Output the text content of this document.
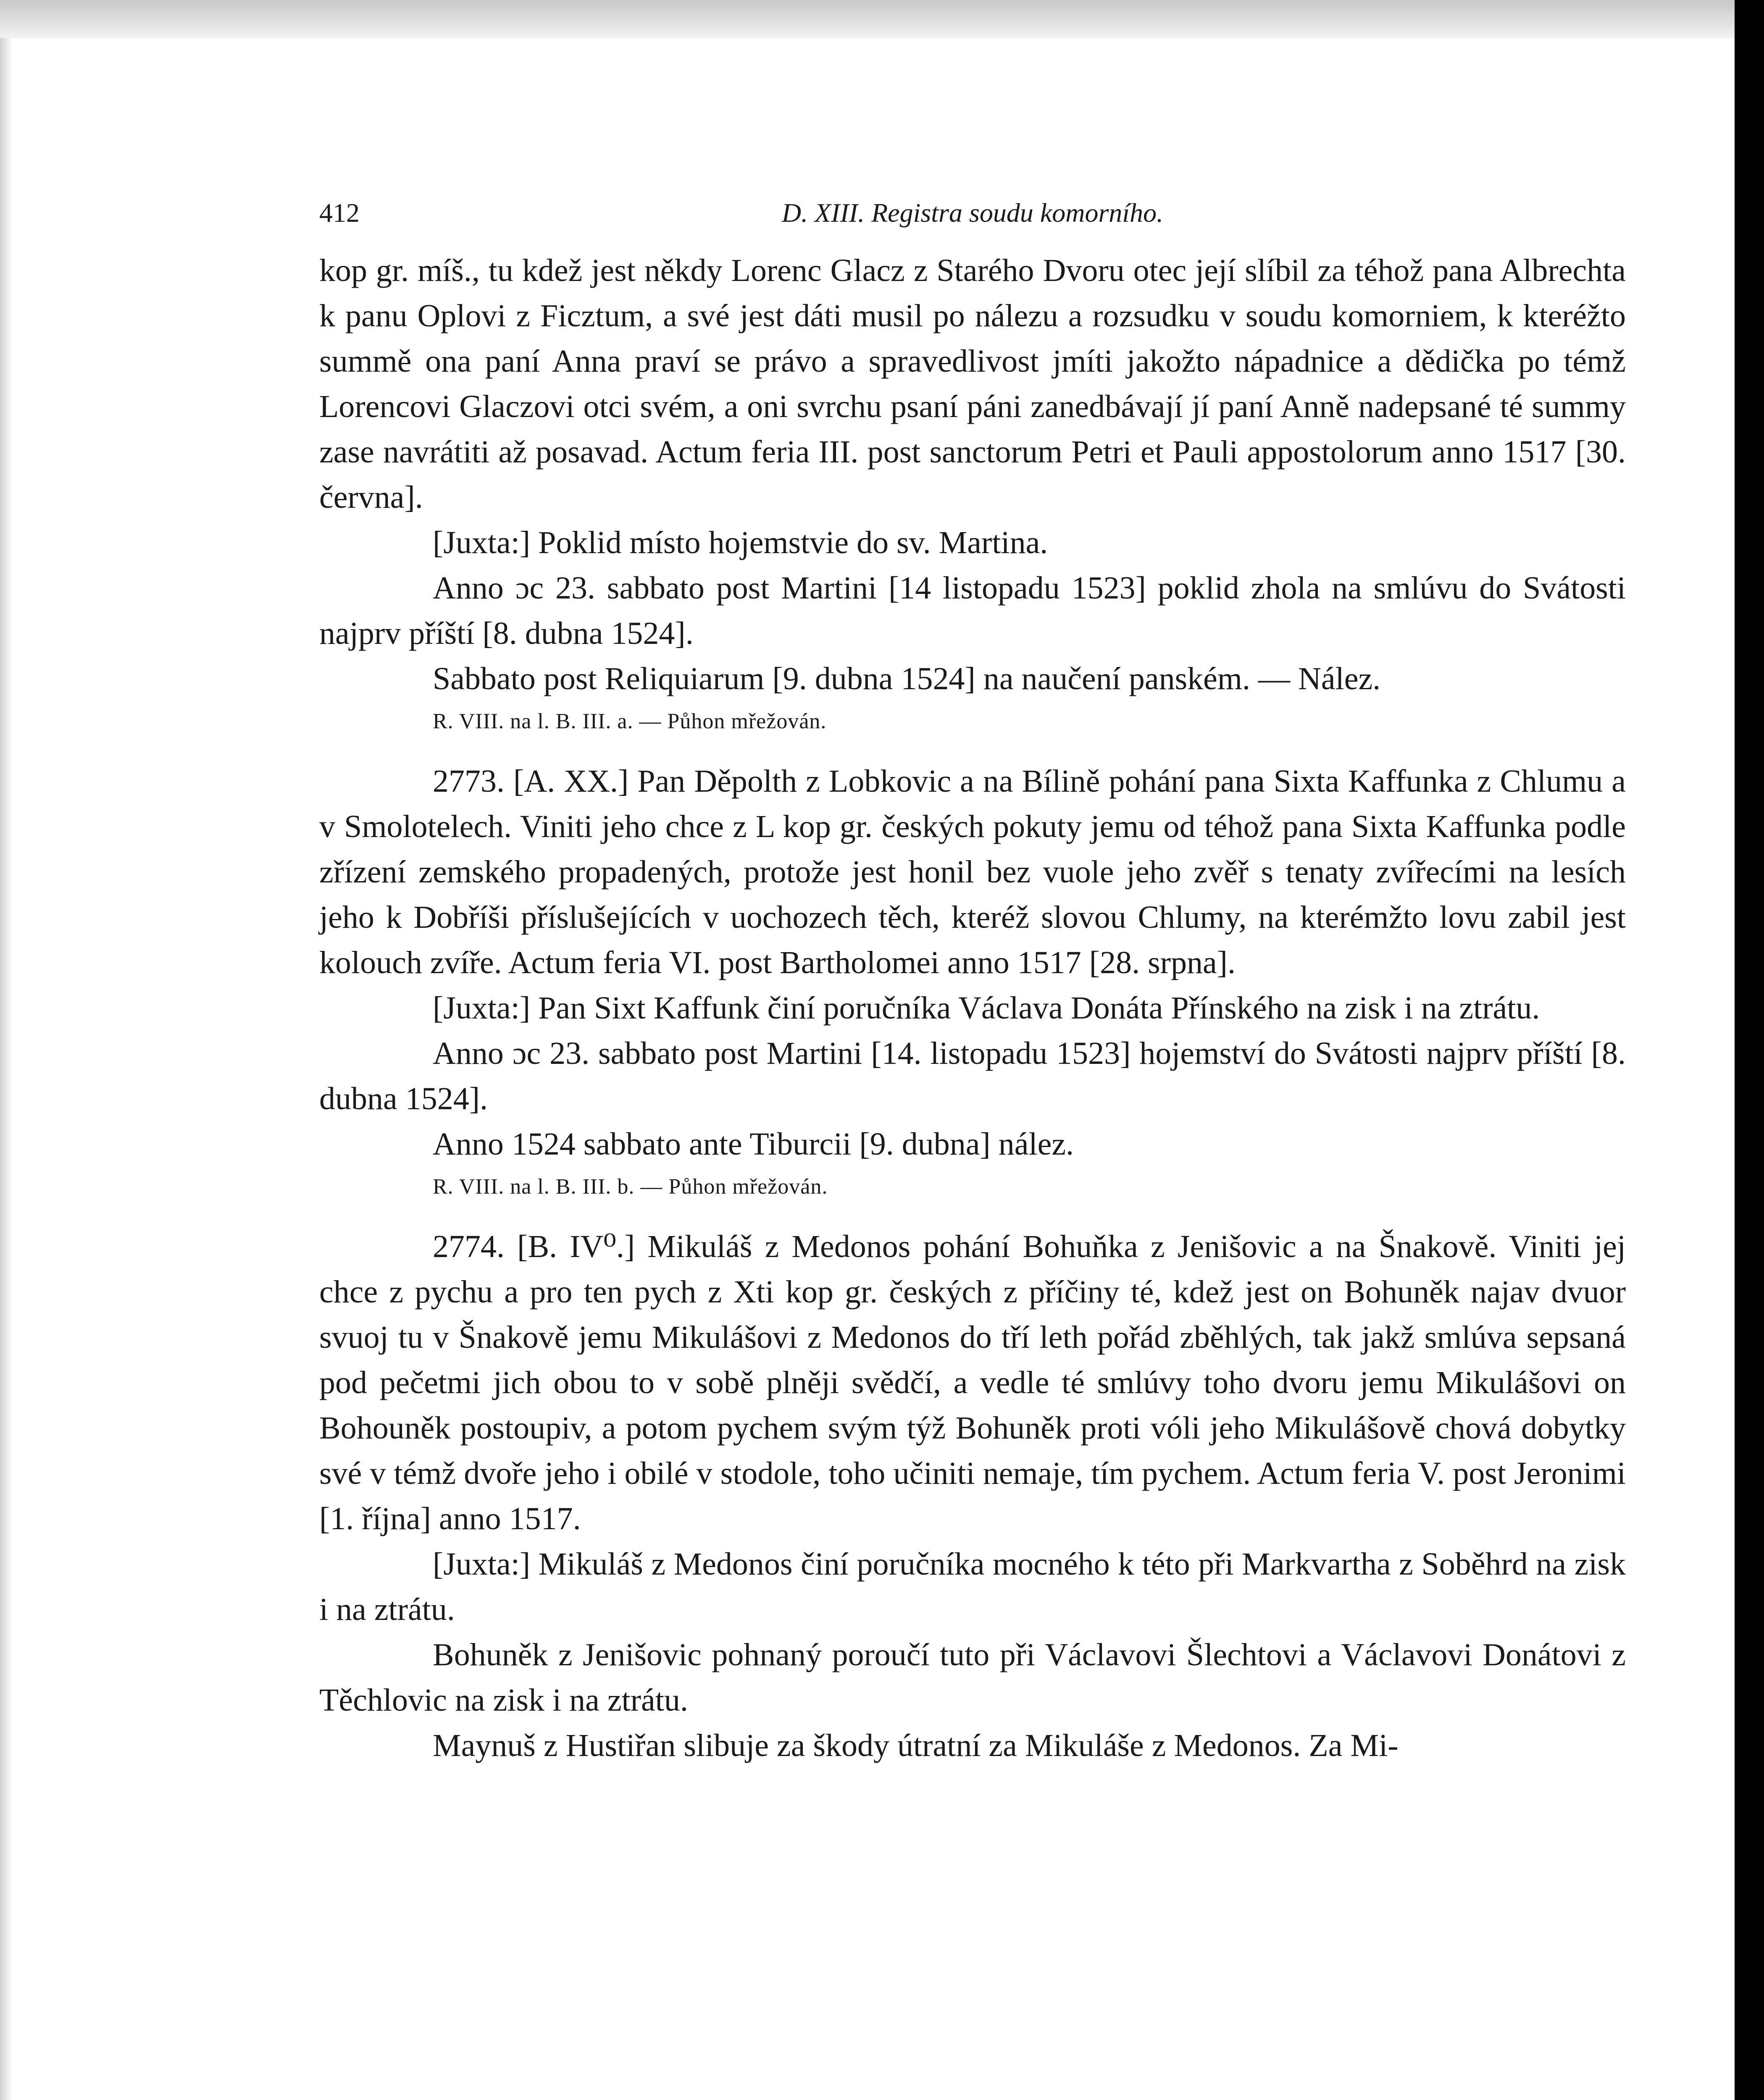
412	D. XIII. Registra soudu komorního.

kop gr. míš., tu kdež jest někdy Lorenc Glacz z Starého Dvoru otec její slíbil za téhož pana Albrechta k panu Oplovi z Ficztum, a své jest dáti musil po nálezu a rozsudku v soudu komorniem, k kteréžto summě ona paní Anna praví se právo a spravedlivost jmíti jakožto nápadnice a dědička po témž Lorencovi Glaczovi otci svém, a oni svrchu psaní páni zanedbávají jí paní Anně nadepsané té summy zase navrátiti až posavad. Actum feria III. post sanctorum Petri et Pauli appostolorum anno 1517 [30. června].

[Juxta:] Poklid místo hojemstvie do sv. Martina.

Anno ɔc 23. sabbato post Martini [14 listopadu 1523] poklid zhola na smlúvu do Svátosti najprv příští [8. dubna 1524].

Sabbato post Reliquiarum [9. dubna 1524] na naučení panském. — Nález.

R. VIII. na l. B. III. a. — Půhon mřežován.

2773. [A. XX.] Pan Děpolth z Lobkovic a na Bílině pohání pana Sixta Kaffunka z Chlumu a v Smolotelech. Viniti jeho chce z L kop gr. českých pokuty jemu od téhož pana Sixta Kaffunka podle zřízení zemského propadených, protože jest honil bez vuole jeho zvěř s tenaty zvířecími na lesích jeho k Dobříši příslušejících v uochozech těch, kteréž slovou Chlumy, na kterémžto lovu zabil jest kolouch zvíře. Actum feria VI. post Bartholomei anno 1517 [28. srpna].

[Juxta:] Pan Sixt Kaffunk činí poručníka Václava Donáta Přínského na zisk i na ztrátu.

Anno ɔc 23. sabbato post Martini [14. listopadu 1523] hojemství do Svátosti najprv příští [8. dubna 1524].

Anno 1524 sabbato ante Tiburcii [9. dubna] nález.

R. VIII. na l. B. III. b. — Půhon mřežován.

2774. [B. IV⁰.] Mikuláš z Medonos pohání Bohuňka z Jenišovic a na Šnakově. Viniti jej chce z pychu a pro ten pych z Xti kop gr. českých z příčiny té, kdež jest on Bohuněk najav dvuor svuoj tu v Šnakově jemu Mikulášovi z Medonos do tří leth pořád zběhlých, tak jakž smlúva sepsaná pod pečetmi jich obou to v sobě plněji svědčí, a vedle té smlúvy toho dvoru jemu Mikulášovi on Bohouněk postoupiv, a potom pychem svým týž Bohuněk proti vóli jeho Mikulášově chová dobytky své v témž dvoře jeho i obilé v stodole, toho učiniti nemaje, tím pychem. Actum feria V. post Jeronimi [1. října] anno 1517.

[Juxta:] Mikuláš z Medonos činí poručníka mocného k této při Markvartha z Soběhrd na zisk i na ztrátu.

Bohuněk z Jenišovic pohnaný poroučí tuto při Václavovi Šlechtovi a Václavovi Donátovi z Těchlovic na zisk i na ztrátu.

Maynuš z Hustiřan slibuje za škody útratní za Mikuláše z Medonos. Za Mi-
